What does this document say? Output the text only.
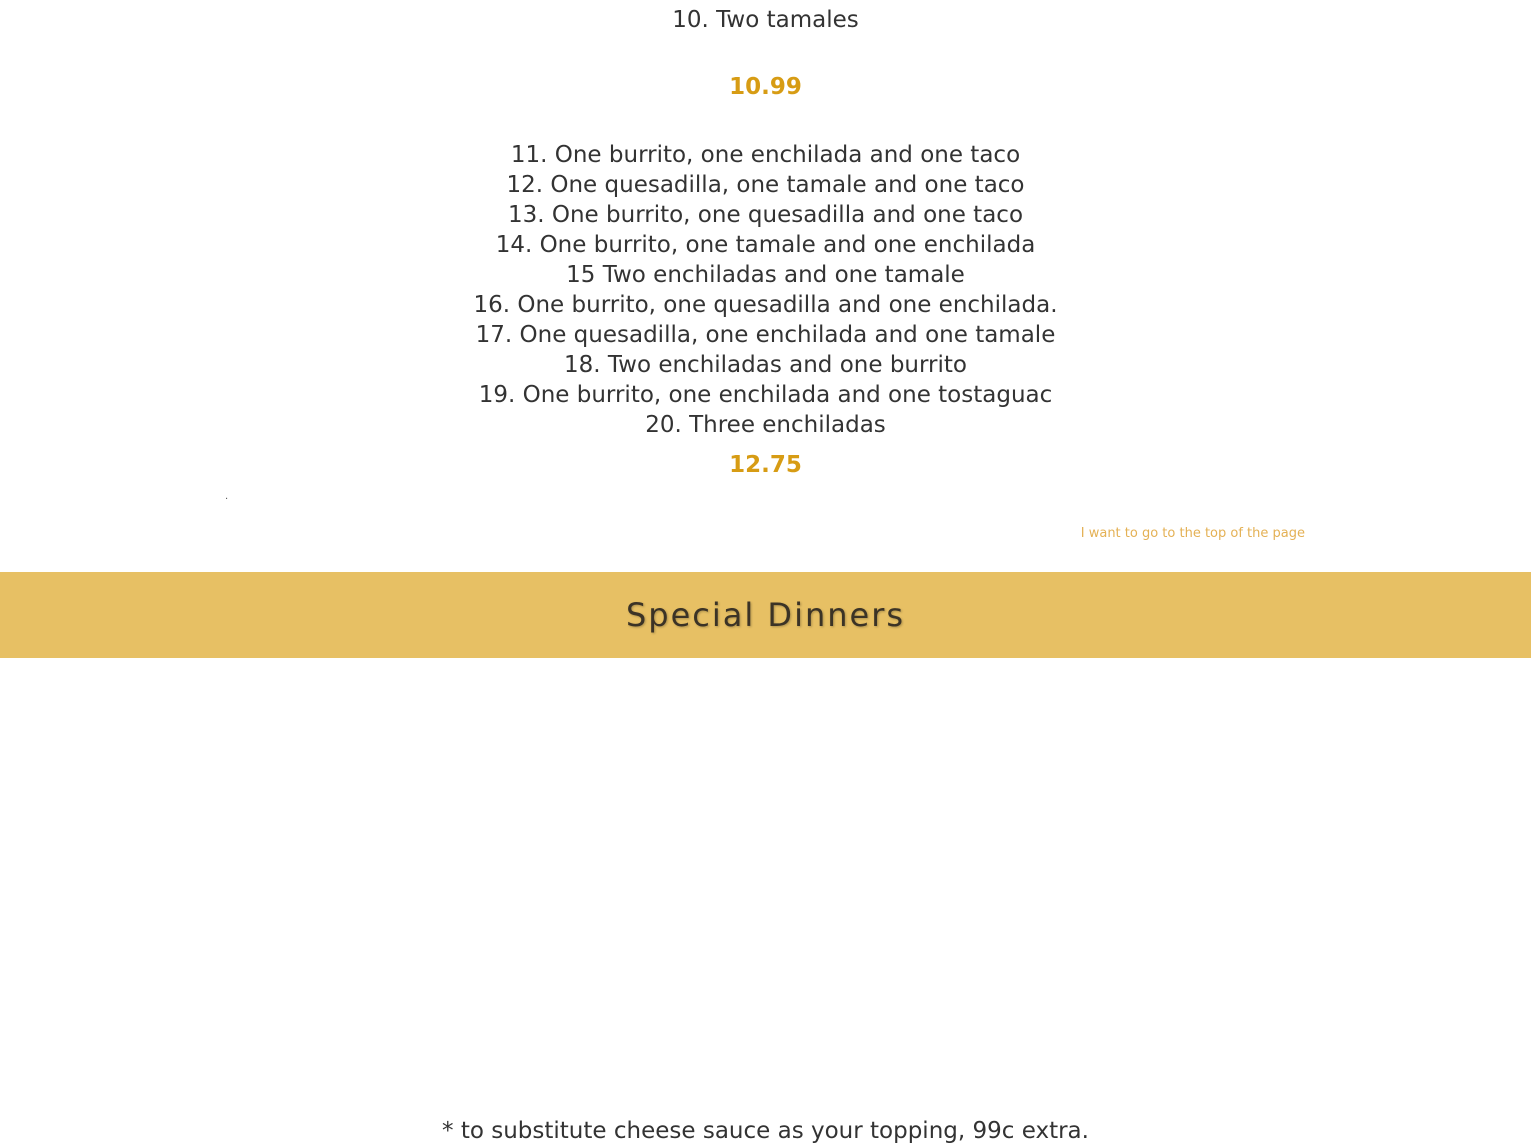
10. Two tamales
10.99
11. One burrito, one enchilada and one taco
12. One quesadilla, one tamale and one taco
13. One burrito, one quesadilla and one taco
14. One burrito, one tamale and one enchilada
15 Two enchiladas and one tamale
16. One burrito, one quesadilla and one enchilada.
17. One quesadilla, one enchilada and one tamale
18. Two enchiladas and one burrito
19. One burrito, one enchilada and one tostaguac
20. Three enchiladas
12.75
.
I want to go to the top of the page
Special Dinners
* to substitute cheese sauce as your topping, 99c extra.
